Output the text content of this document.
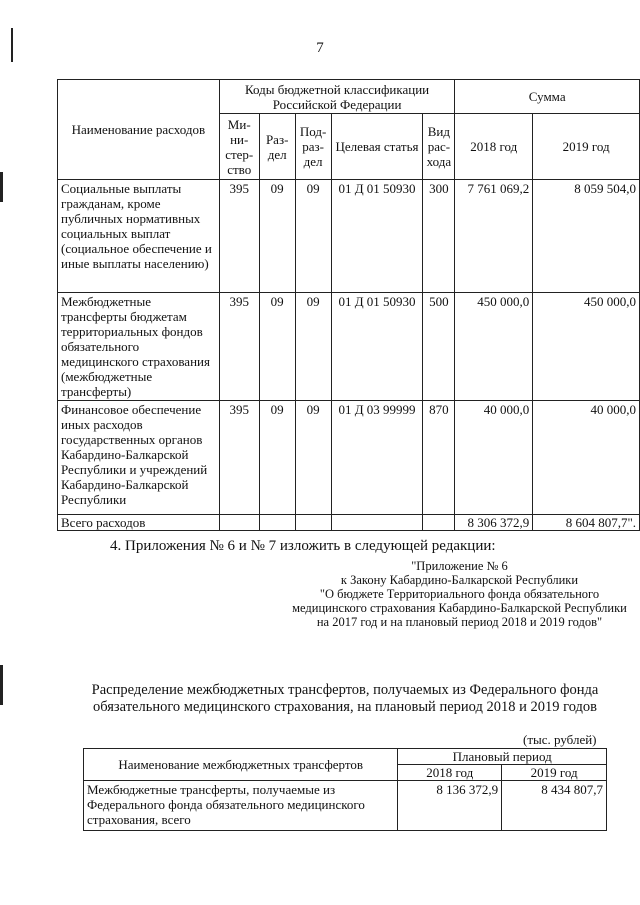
7
Наименование расходов	Коды бюджетной классификации Российской Федерации					Сумма	
	Ми-ни-стер-ство	Раз-дел	Под-раз-дел	Целевая статья	Вид рас-хода	2018 год	2019 год
Социальные выплаты гражданам, кроме публичных нормативных социальных выплат (социальное обеспечение и иные выплаты населению)	395	09	09	01 Д 01 50930	300	7 761 069,2	8 059 504,0
Межбюджетные трансферты бюджетам территориальных фондов обязательного медицинского страхования (межбюджетные трансферты)	395	09	09	01 Д 01 50930	500	450 000,0	450 000,0
Финансовое обеспечение иных расходов государственных органов Кабардино-Балкарской Республики и учреждений Кабардино-Балкарской Республики	395	09	09	01 Д 03 99999	870	40 000,0	40 000,0
Всего расходов						8 306 372,9	8 604 807,7".
4. Приложения № 6 и № 7 изложить в следующей редакции:
"Приложение № 6
к Закону Кабардино-Балкарской Республики
"О бюджете Территориального фонда обязательного медицинского страхования Кабардино-Балкарской Республики на 2017 год и на плановый период 2018 и 2019 годов"
Распределение межбюджетных трансфертов, получаемых из Федерального фонда обязательного медицинского страхования, на плановый период 2018 и 2019 годов
(тыс. рублей)
Наименование межбюджетных трансфертов	Плановый период	
	2018 год	2019 год
Межбюджетные трансферты, получаемые из Федерального фонда обязательного медицинского страхования, всего	8 136 372,9	8 434 807,7
